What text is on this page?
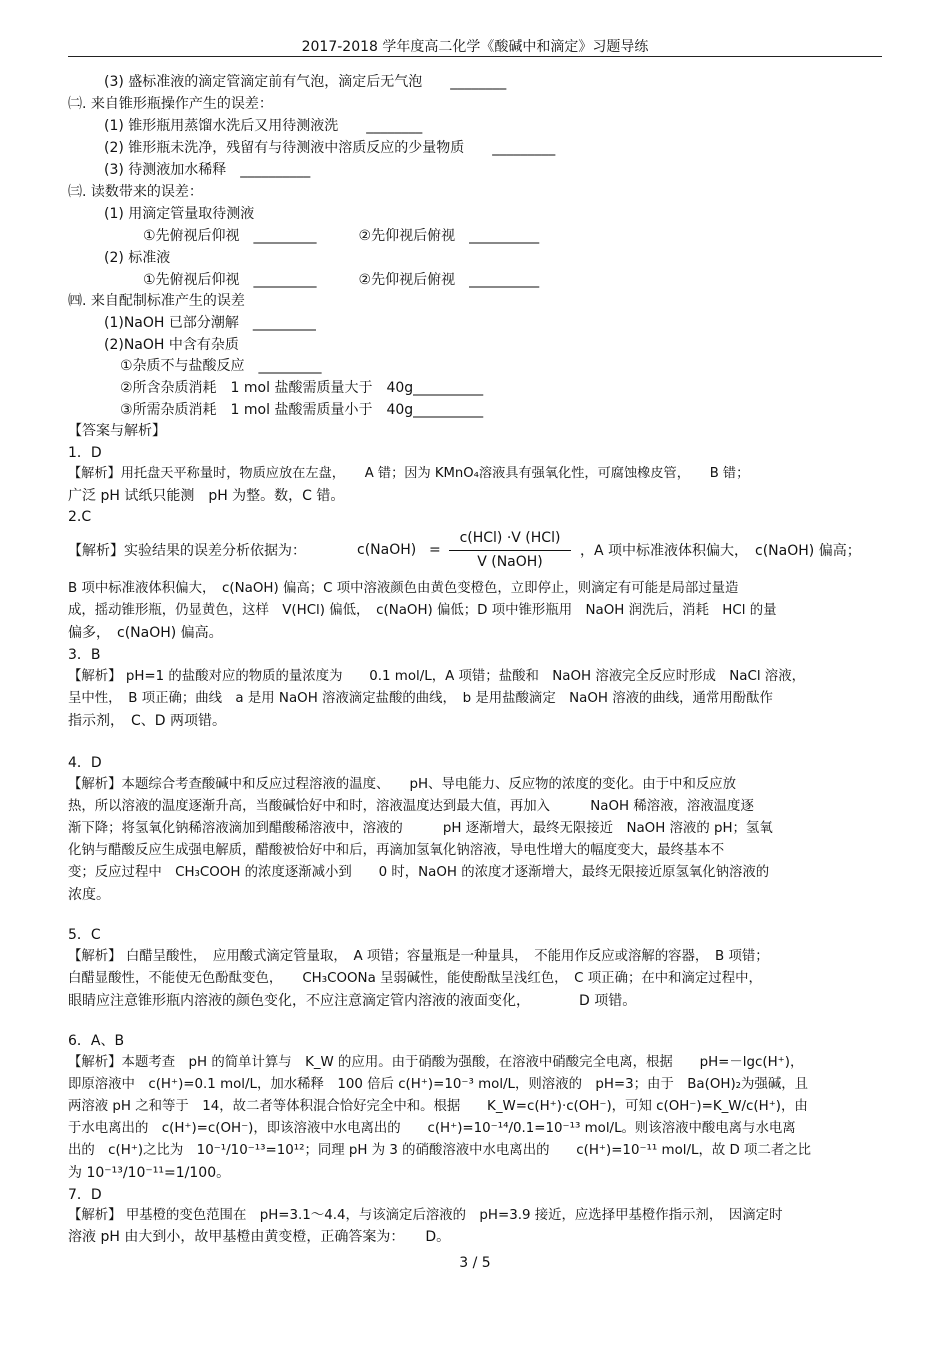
2017-2018 学年度高二化学《酸碱中和滴定》习题导练
(3) 盛标准液的滴定管滴定前有气泡，滴定后无气泡　　________
㈡. 来自锥形瓶操作产生的误差：
(1) 锥形瓶用蒸馏水洗后又用待测液洗　　________
(2) 锥形瓶未洗净，残留有与待测液中溶质反应的少量物质　　_________
(3) 待测液加水稀释　__________
㈢. 读数带来的误差：
(1) 用滴定管量取待测液
①先俯视后仰视　_________　　　②先仰视后俯视　__________
(2) 标准液
①先俯视后仰视　_________　　　②先仰视后俯视　__________
㈣. 来自配制标准产生的误差
(1)NaOH 已部分潮解　_________
(2)NaOH 中含有杂质
①杂质不与盐酸反应　_________
②所含杂质消耗　1 mol 盐酸需质量大于　40g__________
③所需杂质消耗　1 mol 盐酸需质量小于　40g__________
【答案与解析】
1．D
【解析】用托盘天平称量时，物质应放在左盘，　　A 错；因为 KMnO₄溶液具有强氧化性，可腐蚀橡皮管，　　B 错；
广泛 pH 试纸只能测　pH 为整。数，C 错。
2.C
【解析】实验结果的误差分析依据为：	c(NaOH) =
c(HCl) ·V (HCl)
V (NaOH)
，A 项中标准液体积偏大，　c(NaOH) 偏高；
B 项中标准液体积偏大，　c(NaOH) 偏高；C 项中溶液颜色由黄色变橙色，立即停止，则滴定有可能是局部过量造
成，摇动锥形瓶，仍显黄色，这样　V(HCl) 偏低，　c(NaOH) 偏低；D 项中锥形瓶用　NaOH 润洗后，消耗　HCl 的量
偏多，　c(NaOH) 偏高。
3．B
【解析】 pH=1 的盐酸对应的物质的量浓度为　　0.1 mol/L，A 项错；盐酸和　NaOH 溶液完全反应时形成　NaCl 溶液，
呈中性，　B 项正确；曲线　a 是用 NaOH 溶液滴定盐酸的曲线，　b 是用盐酸滴定　NaOH 溶液的曲线，通常用酚酞作
指示剂，　C、D 两项错。
4．D
【解析】本题综合考查酸碱中和反应过程溶液的温度、　　pH、导电能力、反应物的浓度的变化。由于中和反应放
热，所以溶液的温度逐渐升高，当酸碱恰好中和时，溶液温度达到最大值，再加入　　　NaOH 稀溶液，溶液温度逐
渐下降；将氢氧化钠稀溶液滴加到醋酸稀溶液中，溶液的　　　pH 逐渐增大，最终无限接近　NaOH 溶液的 pH；氢氧
化钠与醋酸反应生成强电解质，醋酸被恰好中和后，再滴加氢氧化钠溶液，导电性增大的幅度变大，最终基本不
变；反应过程中　CH₃COOH 的浓度逐渐减小到　　0 时，NaOH 的浓度才逐渐增大，最终无限接近原氢氧化钠溶液的
浓度。
5．C
【解析】 白醋呈酸性，　应用酸式滴定管量取，　A 项错；容量瓶是一种量具，　不能用作反应或溶解的容器，　B 项错；
白醋显酸性，不能使无色酚酞变色，　　CH₃COONa 呈弱碱性，能使酚酞呈浅红色，　C 项正确；在中和滴定过程中，
眼睛应注意锥形瓶内溶液的颜色变化，不应注意滴定管内溶液的液面变化，　　　　D 项错。
6．A、B
【解析】本题考查　pH 的简单计算与　K_W 的应用。由于硝酸为强酸，在溶液中硝酸完全电离，根据　　pH=－lgc(H⁺)，
即原溶液中　c(H⁺)=0.1 mol/L，加水稀释　100 倍后 c(H⁺)=10⁻³ mol/L，则溶液的　pH=3；由于　Ba(OH)₂为强碱，且
两溶液 pH 之和等于　14，故二者等体积混合恰好完全中和。根据　　K_W=c(H⁺)·c(OH⁻)，可知 c(OH⁻)=K_W/c(H⁺)，由
于水电离出的　c(H⁺)=c(OH⁻)，即该溶液中水电离出的　　c(H⁺)=10⁻¹⁴/0.1=10⁻¹³ mol/L。则该溶液中酸电离与水电离
出的　c(H⁺)之比为　10⁻¹/10⁻¹³=10¹²；同理 pH 为 3 的硝酸溶液中水电离出的　　c(H⁺)=10⁻¹¹ mol/L，故 D 项二者之比
为 10⁻¹³/10⁻¹¹=1/100。
7．D
【解析】 甲基橙的变色范围在　pH=3.1～4.4，与该滴定后溶液的　pH=3.9 接近，应选择甲基橙作指示剂，　因滴定时
溶液 pH 由大到小，故甲基橙由黄变橙，正确答案为：　　D。
3 / 5
